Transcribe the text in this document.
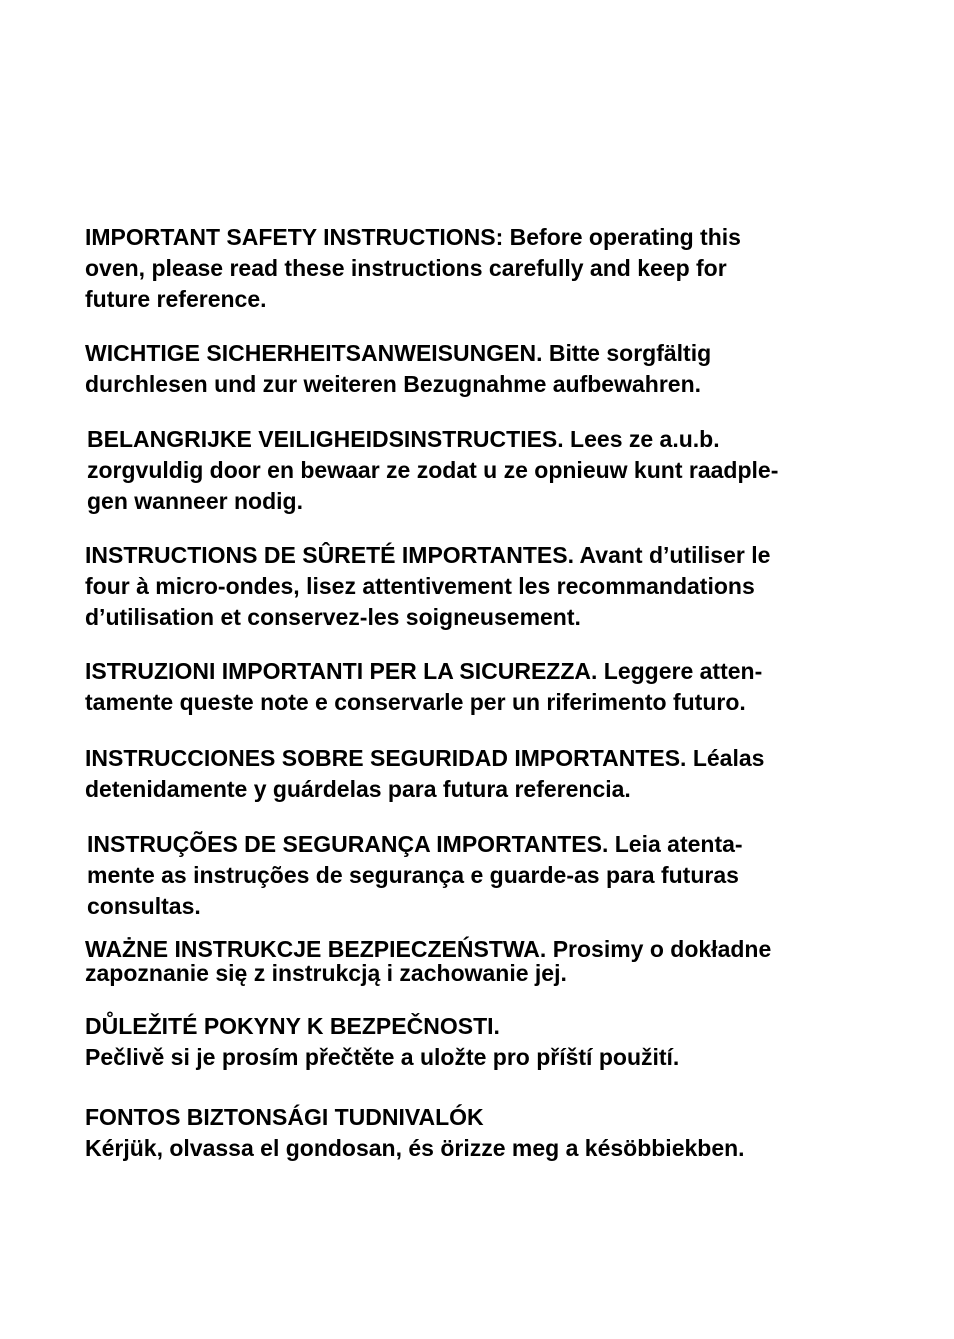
IMPORTANT SAFETY INSTRUCTIONS: Before operating this
oven, please read these instructions carefully and keep for
future reference.
WICHTIGE SICHERHEITSANWEISUNGEN. Bitte sorgfältig
durchlesen und zur weiteren Bezugnahme aufbewahren.
BELANGRIJKE VEILIGHEIDSINSTRUCTIES. Lees ze a.u.b.
zorgvuldig door en bewaar ze zodat u ze opnieuw kunt raadple-
gen wanneer nodig.
INSTRUCTIONS DE SÛRETÉ IMPORTANTES. Avant d’utiliser le
four à micro-ondes, lisez attentivement les recommandations
d’utilisation et conservez-les soigneusement.
ISTRUZIONI IMPORTANTI PER LA SICUREZZA. Leggere atten-
tamente queste note e conservarle per un riferimento futuro.
INSTRUCCIONES SOBRE SEGURIDAD IMPORTANTES. Léalas
detenidamente y guárdelas para futura referencia.
INSTRUÇÕES DE SEGURANÇA IMPORTANTES. Leia atenta-
mente as instruções de segurança e guarde-as para futuras
consultas.
WAŻNE INSTRUKCJE BEZPIECZEŃSTWA. Prosimy o dokładne
zapoznanie się z instrukcją i zachowanie jej.
DŮLEŽITÉ POKYNY K BEZPEČNOSTI.
Pečlivě si je prosím přečtěte a uložte pro příští použití.
FONTOS BIZTONSÁGI TUDNIVALÓK
Kérjük, olvassa el gondosan, és örizze meg a késöbbiekben.
